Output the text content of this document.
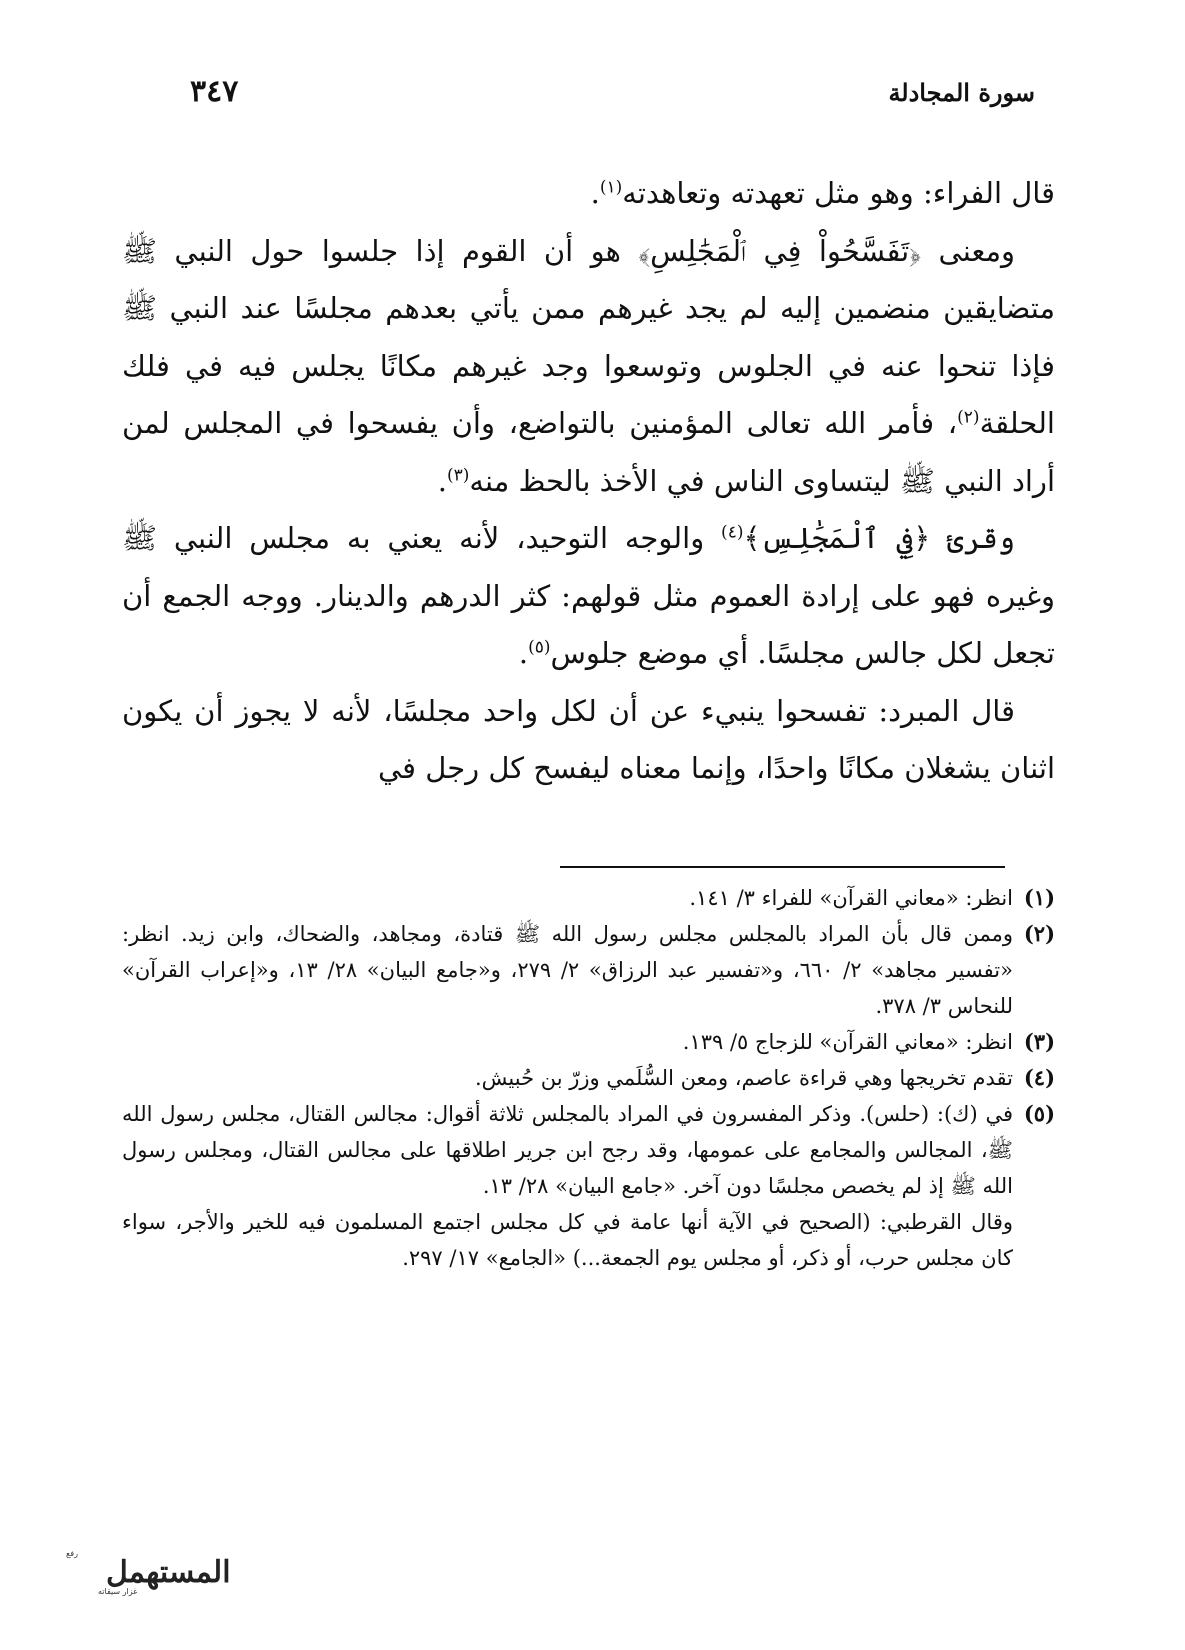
سورة المجادلة
٣٤٧

قال الفراء: وهو مثل تعهدته وتعاهدته$^{(١)}$.

ومعنى ﴿تَفَسَّحُواْ فِي ٱلْمَجَٰلِسِ﴾ هو أن القوم إذا جلسوا حول النبي ﷺ متضايقين منضمين إليه لم يجد غيرهم ممن يأتي بعدهم مجلسًا عند النبي ﷺ فإذا تنحوا عنه في الجلوس وتوسعوا وجد غيرهم مكانًا يجلس فيه في فلك الحلقة$^{(٢)}$، فأمر الله تعالى المؤمنين بالتواضع، وأن يفسحوا في المجلس لمن أراد النبي ﷺ ليتساوى الناس في الأخذ بالحظ منه$^{(٣)}$.

وقرئ ﴿فِي ٱلْمَجَٰلِسِ﴾$^{(٤)}$ والوجه التوحيد، لأنه يعني به مجلس النبي ﷺ وغيره فهو على إرادة العموم مثل قولهم: كثر الدرهم والدينار. ووجه الجمع أن تجعل لكل جالس مجلسًا. أي موضع جلوس$^{(٥)}$.

قال المبرد: تفسحوا ينبيء عن أن لكل واحد مجلسًا، لأنه لا يجوز أن يكون اثنان يشغلان مكانًا واحدًا، وإنما معناه ليفسح كل رجل في

(١)
انظر: «معاني القرآن» للفراء ٣/ ١٤١.

(٢)
وممن قال بأن المراد بالمجلس مجلس رسول الله ﷺ قتادة، ومجاهد، والضحاك، وابن زيد. انظر: «تفسير مجاهد» ٢/ ٦٦٠، و«تفسير عبد الرزاق» ٢/ ٢٧٩، و«جامع البيان» ٢٨/ ١٣، و«إعراب القرآن» للنحاس ٣/ ٣٧٨.

(٣)
انظر: «معاني القرآن» للزجاج ٥/ ١٣٩.

(٤)
تقدم تخريجها وهي قراءة عاصم، ومعن السُّلَمي وزرّ بن حُبيش.

(٥)
في (ك): (حلس). وذكر المفسرون في المراد بالمجلس ثلاثة أقوال: مجالس القتال، مجلس رسول الله ﷺ، المجالس والمجامع على عمومها، وقد رجح ابن جرير اطلاقها على مجالس القتال، ومجلس رسول الله ﷺ إذ لم يخصص مجلسًا دون آخر. «جامع البيان» ٢٨/ ١٣.

وقال القرطبي: (الصحيح في الآية أنها عامة في كل مجلس اجتمع المسلمون فيه للخير والأجر، سواء كان مجلس حرب، أو ذكر، أو مجلس يوم الجمعة...) «الجامع» ١٧/ ٢٩٧.

رفع
المستهمل
غزار سيقاته
